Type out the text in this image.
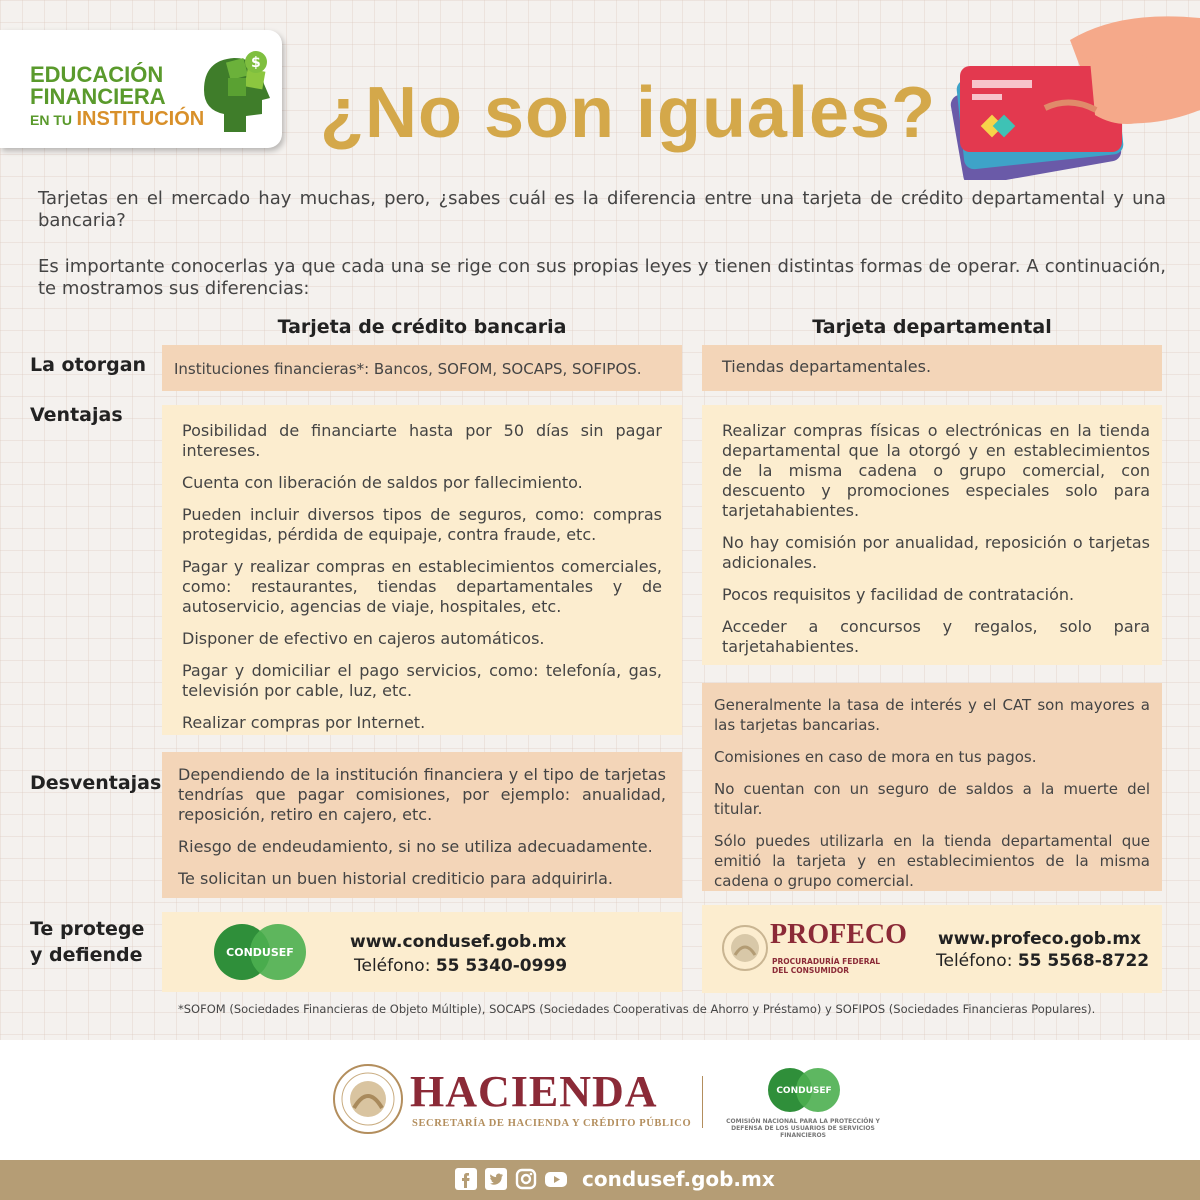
EDUCACIÓN
FINANCIERA
EN TU INSTITUCIÓN
$
¿No son iguales?

Tarjetas en el mercado hay muchas, pero, ¿sabes cuál es la diferencia entre una tarjeta de crédito departamental y una bancaria?

Es importante conocerlas ya que cada una se rige con sus propias leyes y tienen distintas formas de operar. A continuación, te mostramos sus diferencias:

Tarjeta de crédito bancaria	Tarjeta departamental
La otorgan
Ventajas
Desventajas
Te protege
y defiende
Instituciones financieras*: Bancos, SOFOM, SOCAPS, SOFIPOS.	Tiendas departamentales.

Posibilidad de financiarte hasta por 50 días sin pagar intereses.

Cuenta con liberación de saldos por fallecimiento.

Pueden incluir diversos tipos de seguros, como: compras protegidas, pérdida de equipaje, contra fraude, etc.

Pagar y realizar compras en establecimientos comerciales, como: restaurantes, tiendas departamentales y de autoservicio, agencias de viaje, hospitales, etc.

Disponer de efectivo en cajeros automáticos.

Pagar y domiciliar el pago servicios, como: telefonía, gas, televisión por cable, luz, etc.

Realizar compras por Internet.

Realizar compras físicas o electrónicas en la tienda departamental que la otorgó y en establecimientos de la misma cadena o grupo comercial, con descuento y promociones especiales solo para tarjetahabientes.

No hay comisión por anualidad, reposición o tarjetas adicionales.

Pocos requisitos y facilidad de contratación.

Acceder a concursos y regalos, solo para tarjetahabientes.

Dependiendo de la institución financiera y el tipo de tarjetas tendrías que pagar comisiones, por ejemplo: anualidad, reposición, retiro en cajero, etc.

Riesgo de endeudamiento, si no se utiliza adecuadamente.

Te solicitan un buen historial crediticio para adquirirla.

Generalmente la tasa de interés y el CAT son mayores a las tarjetas bancarias.

Comisiones en caso de mora en tus pagos.

No cuentan con un seguro de saldos a la muerte del titular.

Sólo puedes utilizarla en la tienda departamental que emitió la tarjeta y en establecimientos de la misma cadena o grupo comercial.

CONDUSEF
www.condusef.gob.mx
Teléfono: 55 5340-0999
PROFECO
PROCURADURÍA FEDERAL
DEL CONSUMIDOR
www.profeco.gob.mx
Teléfono: 55 5568-8722
*SOFOM (Sociedades Financieras de Objeto Múltiple), SOCAPS (Sociedades Cooperativas de Ahorro y Préstamo) y SOFIPOS (Sociedades Financieras Populares).
HACIENDA
SECRETARÍA DE HACIENDA Y CRÉDITO PÚBLICO
CONDUSEF
COMISIÓN NACIONAL PARA LA PROTECCIÓN Y DEFENSA DE LOS USUARIOS DE SERVICIOS FINANCIEROS
condusef.gob.mx
